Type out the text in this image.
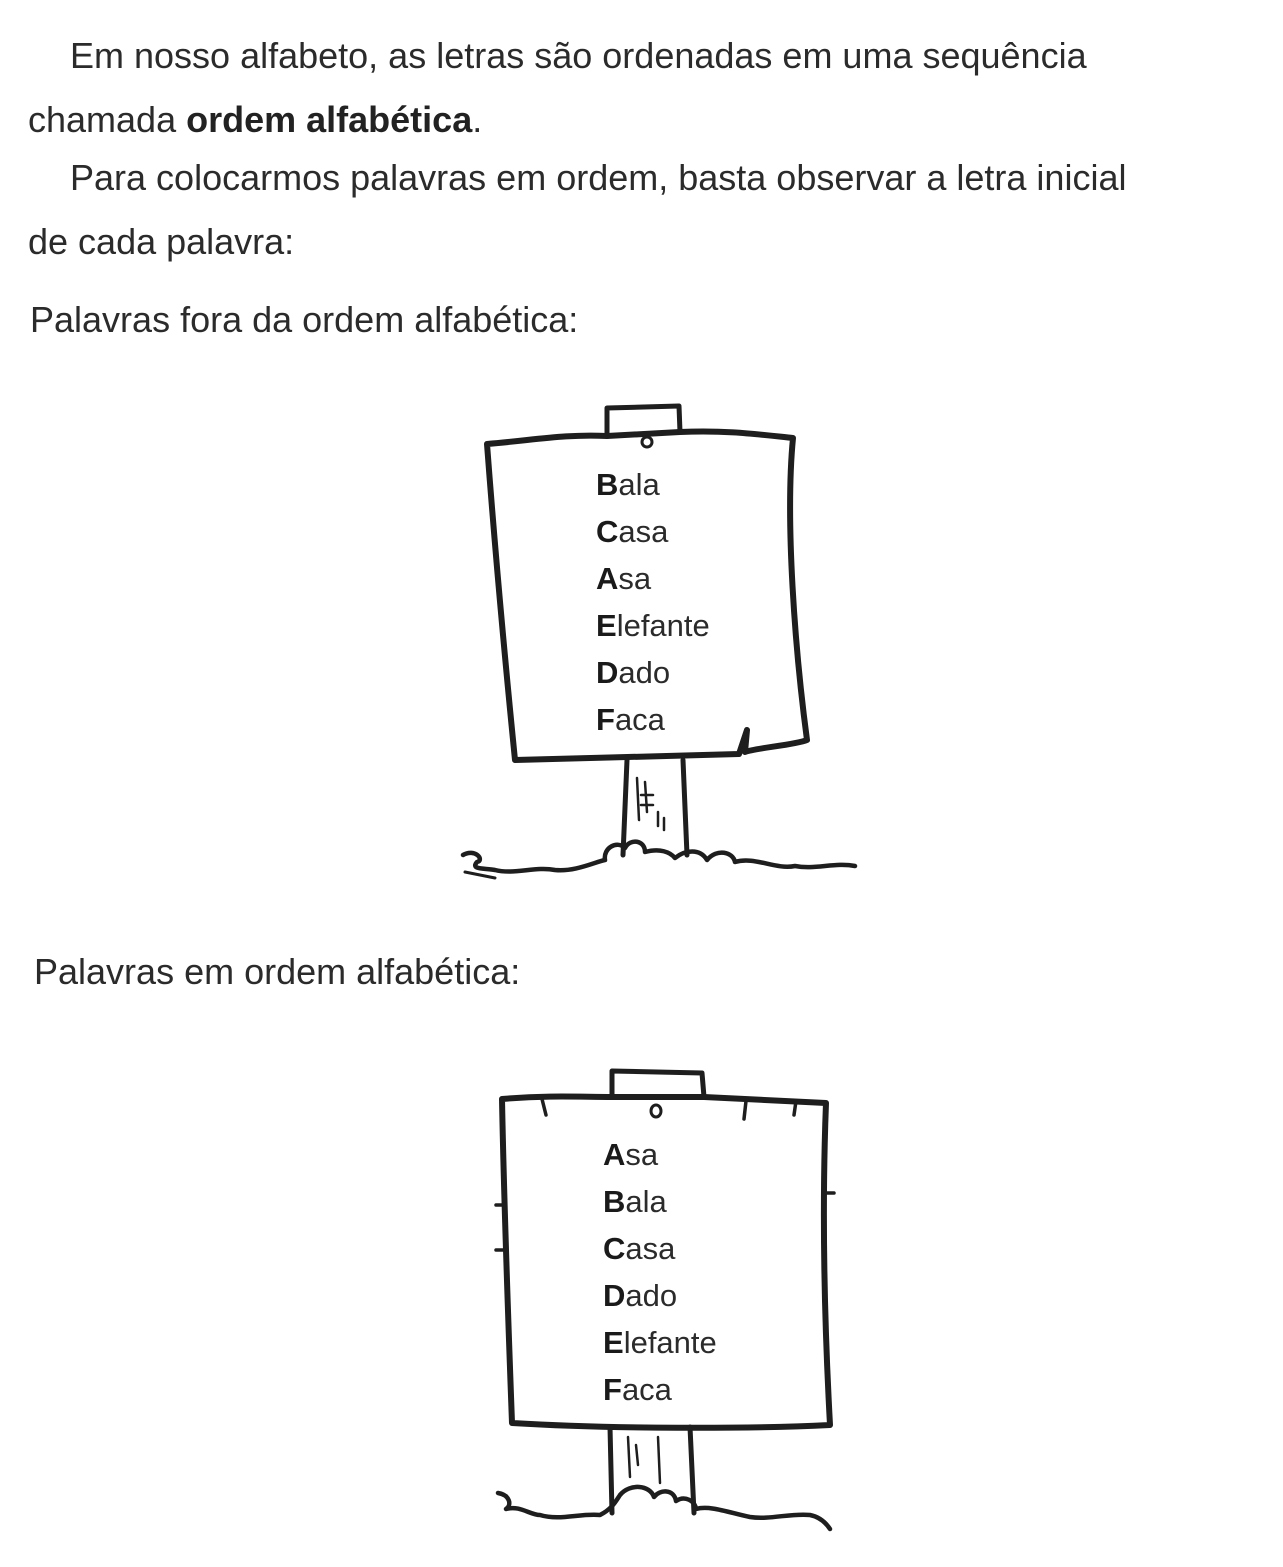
Em nosso alfabeto, as letras são ordenadas em uma sequência
chamada ordem alfabética.

Para colocarmos palavras em ordem, basta observar a letra inicial
de cada palavra:

Palavras fora da ordem alfabética:

Bala
Casa
Asa
Elefante
Dado
Faca

Palavras em ordem alfabética:

Asa
Bala
Casa
Dado
Elefante
Faca
